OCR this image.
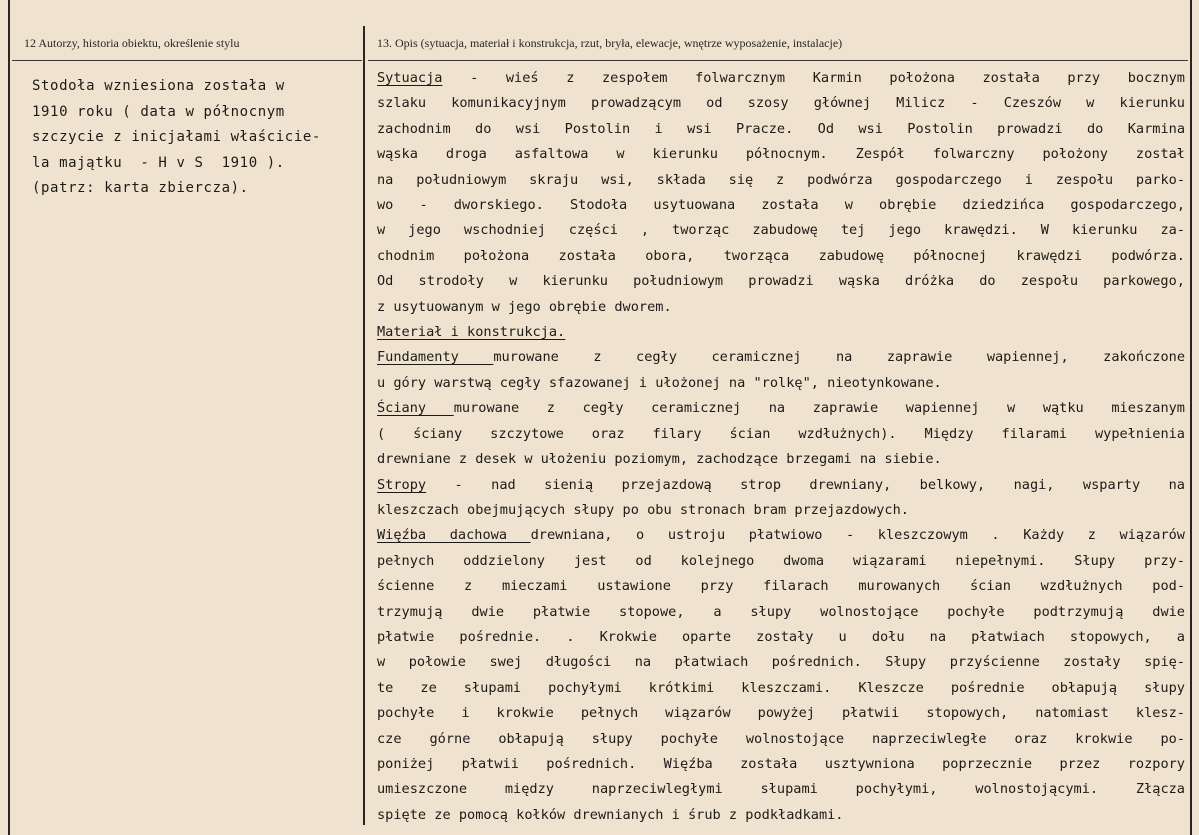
12 Autorzy, historia obiektu, określenie stylu	13. Opis (sytuacja, materiał i konstrukcja, rzut, bryła, elewacje, wnętrze wyposażenie, instalacje)
Stodoła wzniesiona została w
1910 roku ( data w północnym
szczycie z inicjałami właścicie-
la majątku  - H v S  1910 ).
(patrz: karta zbiercza).
Sytuacja - wieś z zespołem folwarcznym Karmin położona została przy bocznym
szlaku komunikacyjnym prowadzącym od szosy głównej Milicz - Czeszów w kierunku
zachodnim do wsi Postolin i wsi Pracze. Od wsi Postolin prowadzi do Karmina
wąska droga asfaltowa w kierunku północnym. Zespół folwarczny położony został
na południowym skraju wsi, składa się z podwórza gospodarczego i zespołu parko-
wo - dworskiego. Stodoła usytuowana została w obrębie dziedzińca gospodarczego,
w jego wschodniej części , tworząc zabudowę tej jego krawędzi. W kierunku za-
chodnim położona została obora, tworząca zabudowę północnej krawędzi podwórza.
Od strodoły w kierunku południowym prowadzi wąska dróżka do zespołu parkowego,
z usytuowanym w jego obrębie dworem.
Materiał i konstrukcja.
Fundamenty murowane z cegły ceramicznej na zaprawie wapiennej, zakończone
u góry warstwą cegły sfazowanej i ułożonej na "rolkę", nieotynkowane.
Ściany murowane z cegły ceramicznej na zaprawie wapiennej w wątku mieszanym
( ściany szczytowe oraz filary ścian wzdłużnych). Między filarami wypełnienia
drewniane z desek w ułożeniu poziomym, zachodzące brzegami na siebie.
Stropy - nad sienią przejazdową strop drewniany, belkowy, nagi, wsparty na
kleszczach obejmujących słupy po obu stronach bram przejazdowych.
Więźba dachowa drewniana, o ustroju płatwiowo - kleszczowym . Każdy z wiązarów
pełnych oddzielony jest od kolejnego dwoma wiązarami niepełnymi. Słupy przy-
ścienne z mieczami ustawione przy filarach murowanych ścian wzdłużnych pod-
trzymują dwie płatwie stopowe, a słupy wolnostojące pochyłe podtrzymują dwie
płatwie pośrednie. . Krokwie oparte zostały u dołu na płatwiach stopowych, a
w połowie swej długości na płatwiach pośrednich. Słupy przyścienne zostały spię-
te ze słupami pochyłymi krótkimi kleszczami. Kleszcze pośrednie obłapują słupy
pochyłe i krokwie pełnych wiązarów powyżej płatwii stopowych, natomiast klesz-
cze górne obłapują słupy pochyłe wolnostojące naprzeciwległe oraz krokwie po-
poniżej płatwii pośrednich. Więźba została usztywniona poprzecznie przez rozpory
umieszczone między naprzeciwległymi słupami pochyłymi, wolnostojącymi. Złącza
spięte ze pomocą kołków drewnianych i śrub z podkładkami.
